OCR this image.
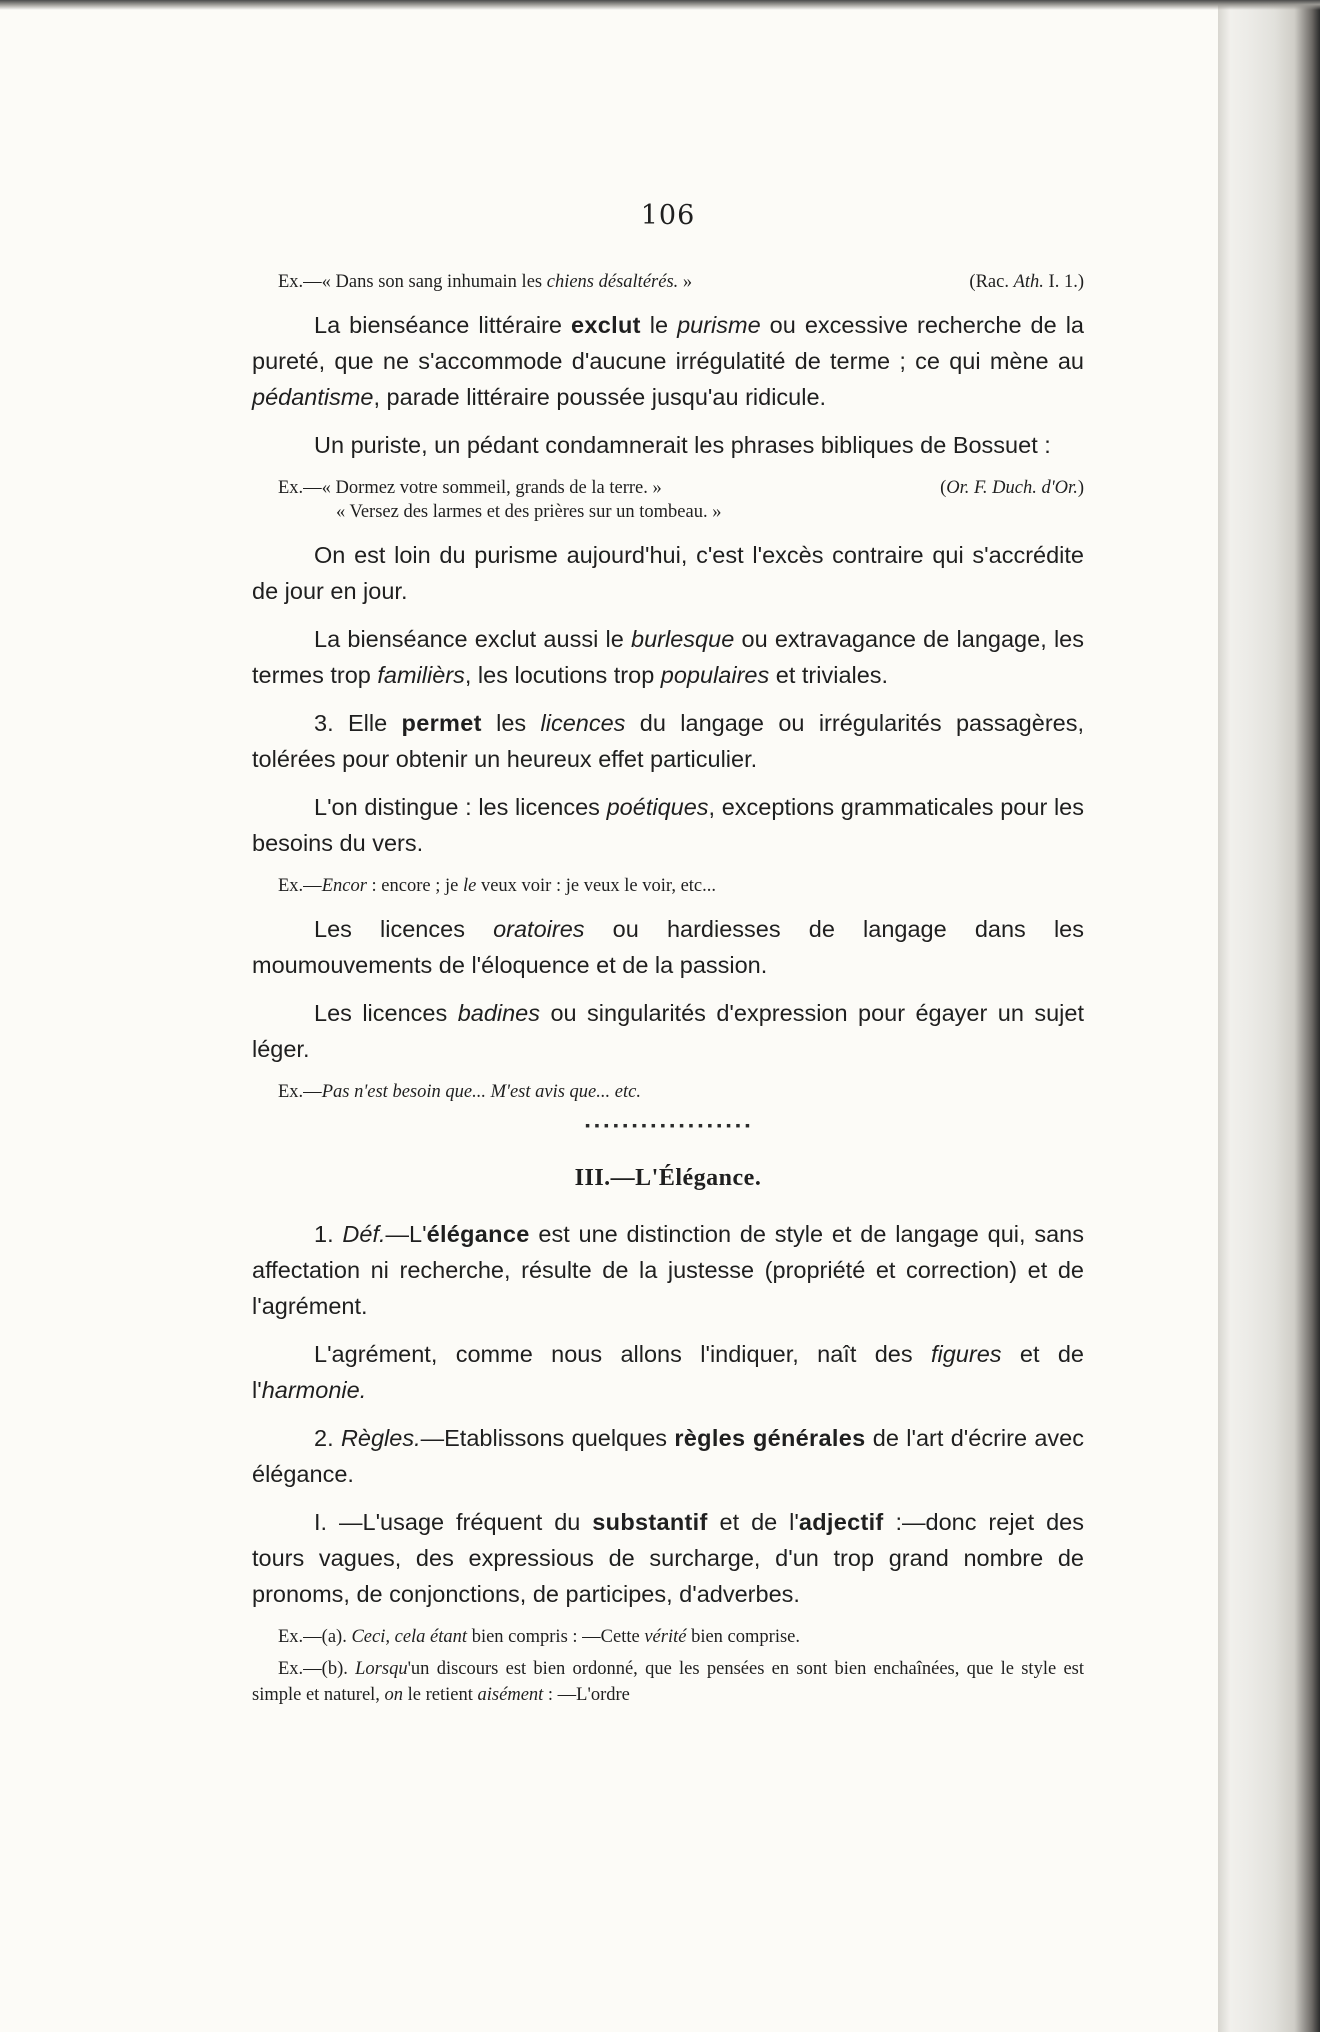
106

(Rac. Ath. I. 1.)
Ex.—« Dans son sang inhumain les chiens désaltérés. »

La bienséance littéraire exclut le purisme ou excessive recherche de la pureté, que ne s'accommode d'aucune irrégulatité de terme ; ce qui mène au pédantisme, parade littéraire poussée jusqu'au ridicule.

Un puriste, un pédant condamnerait les phrases bibliques de Bossuet :

(Or. F. Duch. d'Or.)
Ex.—« Dormez votre sommeil, grands de la terre. »

« Versez des larmes et des prières sur un tombeau. »

On est loin du purisme aujourd'hui, c'est l'excès contraire qui s'accrédite de jour en jour.

La bienséance exclut aussi le burlesque ou extravagance de langage, les termes trop familièrs, les locutions trop populaires et triviales.

3. Elle permet les licences du langage ou irrégularités passagères, tolérées pour obtenir un heureux effet particulier.

L'on distingue : les licences poétiques, exceptions grammaticales pour les besoins du vers.

Ex.—Encor : encore ; je le veux voir : je veux le voir, etc...

Les licences oratoires ou hardiesses de langage dans les moumouvements de l'éloquence et de la passion.

Les licences badines ou singularités d'expression pour égayer un sujet léger.

Ex.—Pas n'est besoin que... M'est avis que... etc.

▪▪▪▪▪▪▪▪▪▪▪▪▪▪▪▪▪▪

III.—L'Élégance.

1. Déf.—L'élégance est une distinction de style et de langage qui, sans affectation ni recherche, résulte de la justesse (propriété et correction) et de l'agrément.

L'agrément, comme nous allons l'indiquer, naît des figures et de l'harmonie.

2. Règles.—Etablissons quelques règles générales de l'art d'écrire avec élégance.

I. —L'usage fréquent du substantif et de l'adjectif :—donc rejet des tours vagues, des expressious de surcharge, d'un trop grand nombre de pronoms, de conjonctions, de participes, d'adverbes.

Ex.—(a). Ceci, cela étant bien compris : —Cette vérité bien comprise.

Ex.—(b). Lorsqu'un discours est bien ordonné, que les pensées en sont bien enchaînées, que le style est simple et naturel, on le retient aisément : —L'ordre
